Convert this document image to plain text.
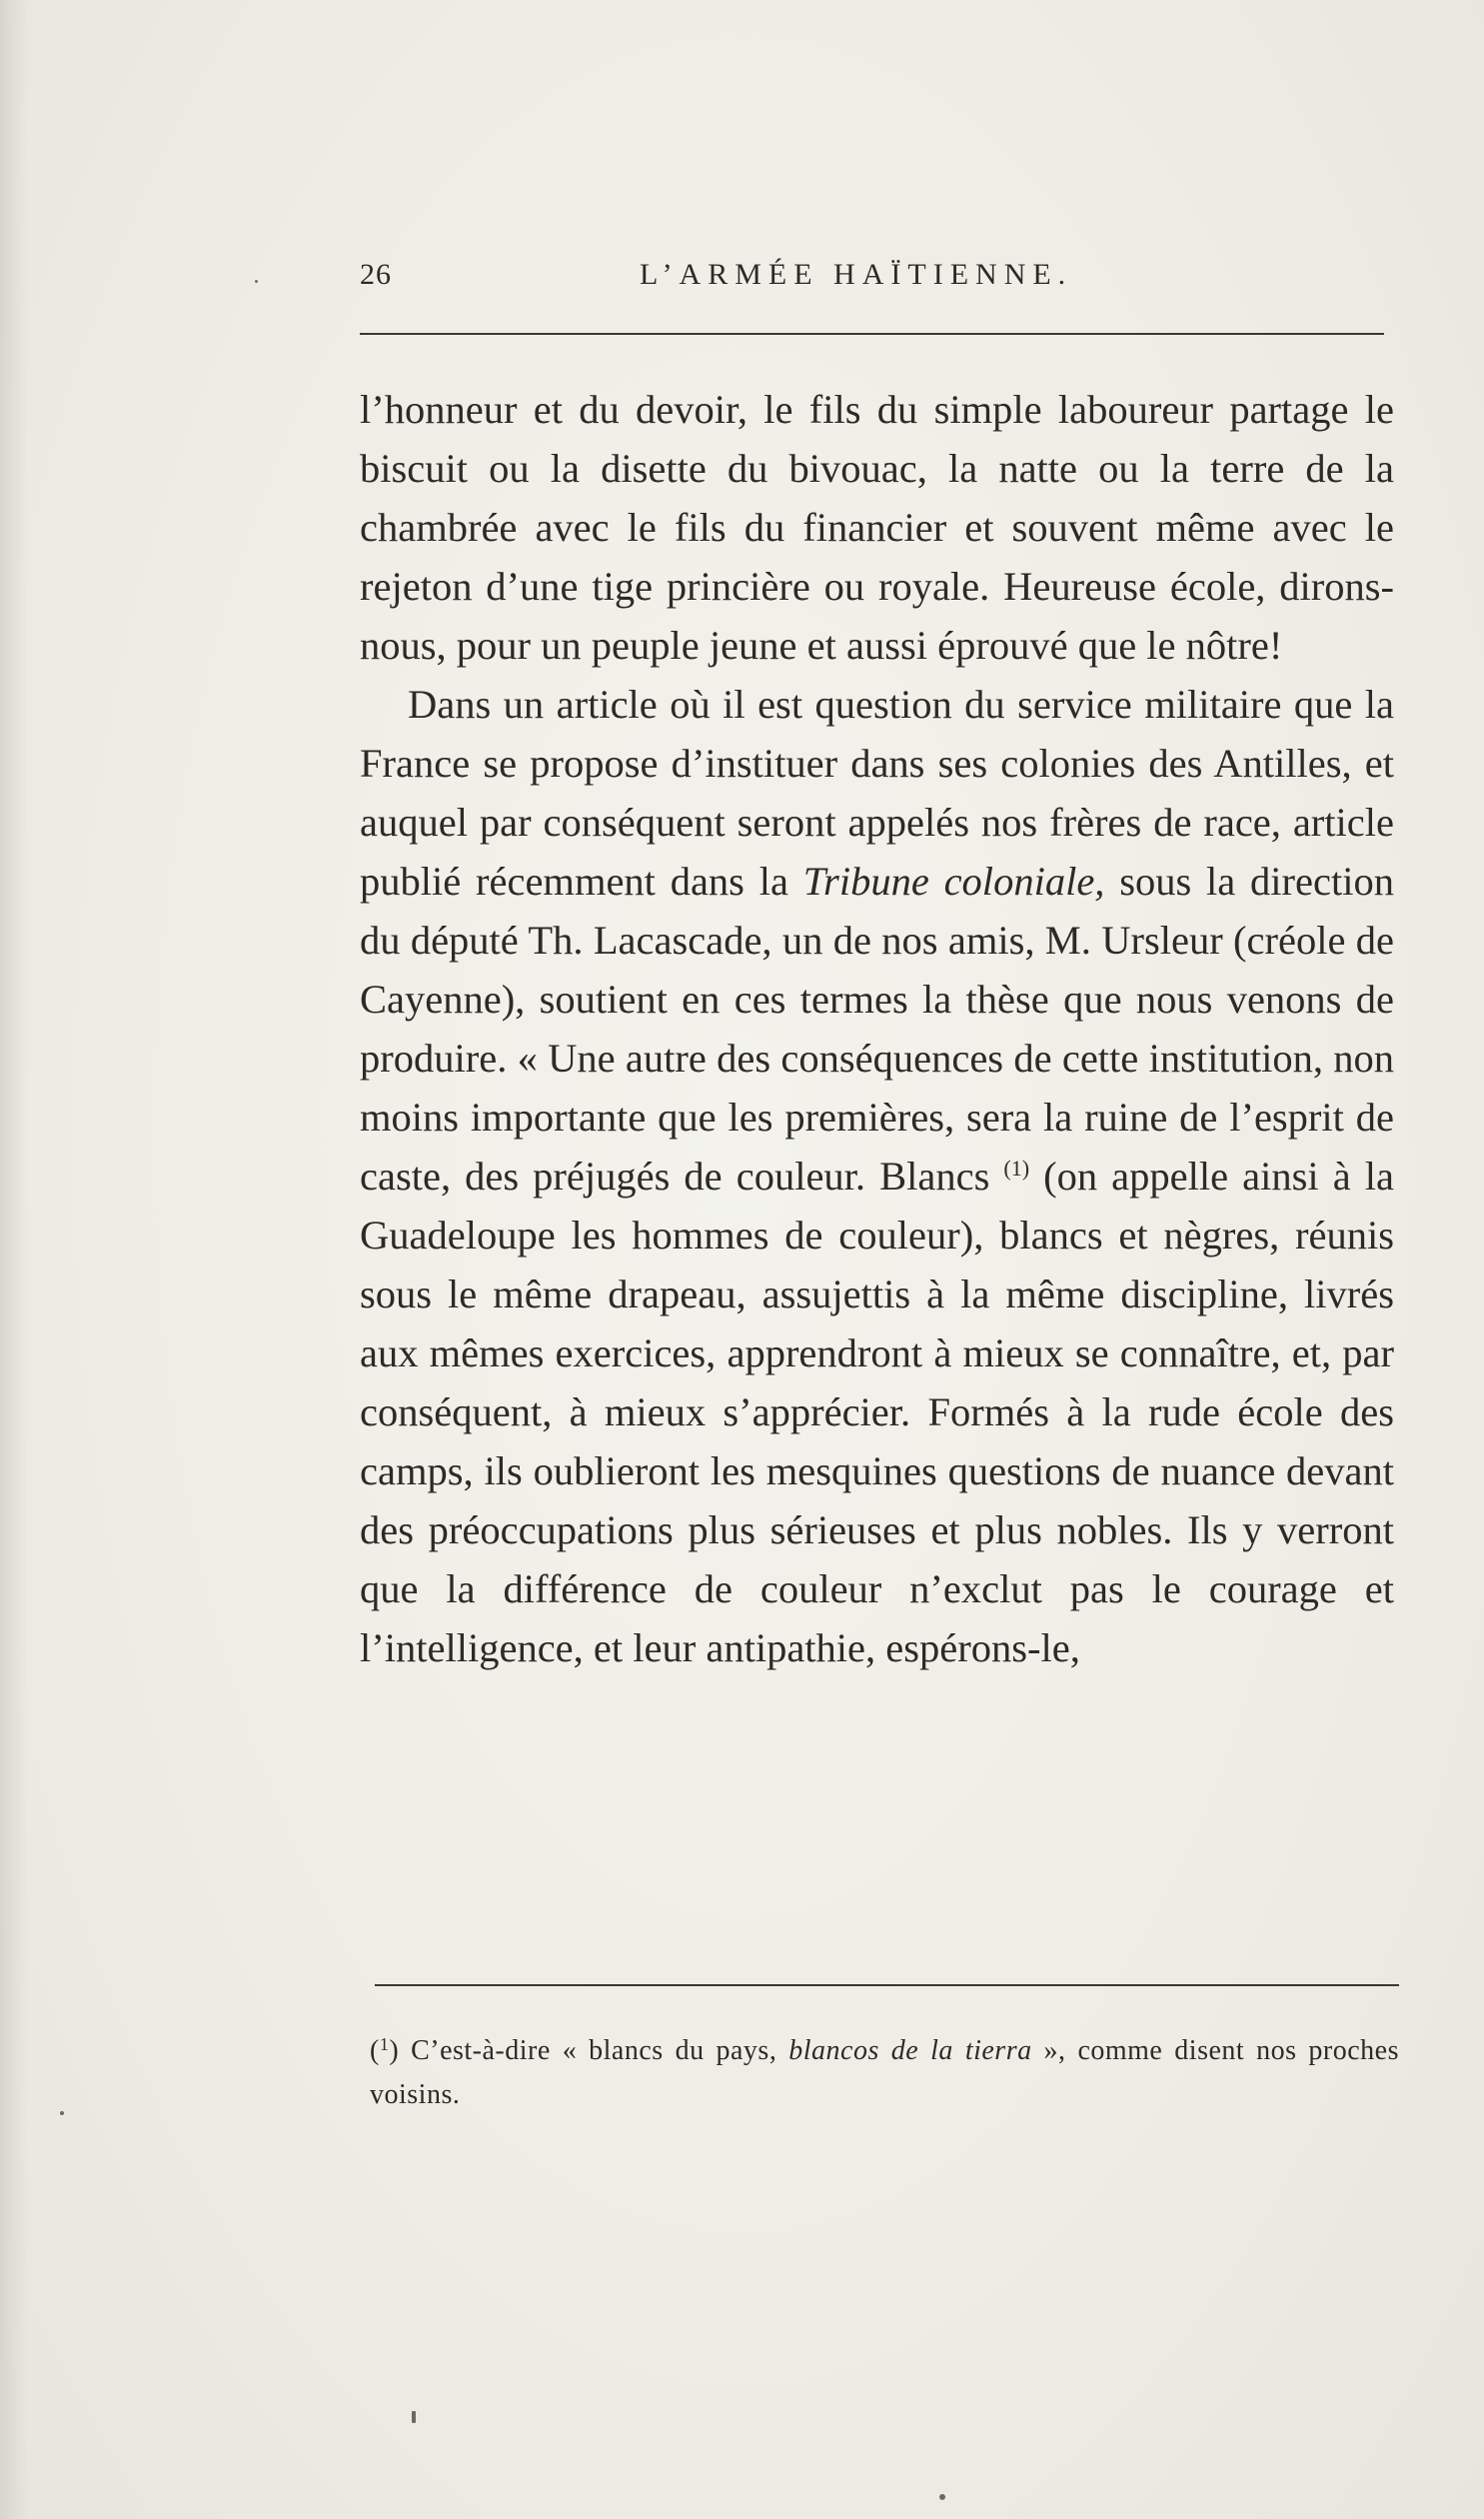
26	L’ARMÉE HAÏTIENNE.

l’honneur et du devoir, le fils du simple laboureur partage le biscuit ou la disette du bivouac, la natte ou la terre de la chambrée avec le fils du financier et souvent même avec le rejeton d’une tige princière ou royale. Heureuse école, dirons-nous, pour un peuple jeune et aussi éprouvé que le nôtre!

Dans un article où il est question du service militaire que la France se propose d’instituer dans ses colonies des Antilles, et auquel par conséquent seront appelés nos frères de race, article publié récemment dans la Tribune coloniale, sous la direction du député Th. Lacascade, un de nos amis, M. Ursleur (créole de Cayenne), soutient en ces termes la thèse que nous venons de produire. « Une autre des conséquences de cette institution, non moins importante que les premières, sera la ruine de l’esprit de caste, des préjugés de couleur. Blancs $^{(1)}$ (on appelle ainsi à la Guadeloupe les hommes de couleur), blancs et nègres, réunis sous le même drapeau, assujettis à la même discipline, livrés aux mêmes exercices, apprendront à mieux se connaître, et, par conséquent, à mieux s’apprécier. Formés à la rude école des camps, ils oublieront les mesquines questions de nuance devant des préoccupations plus sérieuses et plus nobles. Ils y verront que la différence de couleur n’exclut pas le courage et l’intelligence, et leur antipathie, espérons-le,

($^1$) C’est-à-dire « blancs du pays, blancos de la tierra », comme disent nos proches voisins.
